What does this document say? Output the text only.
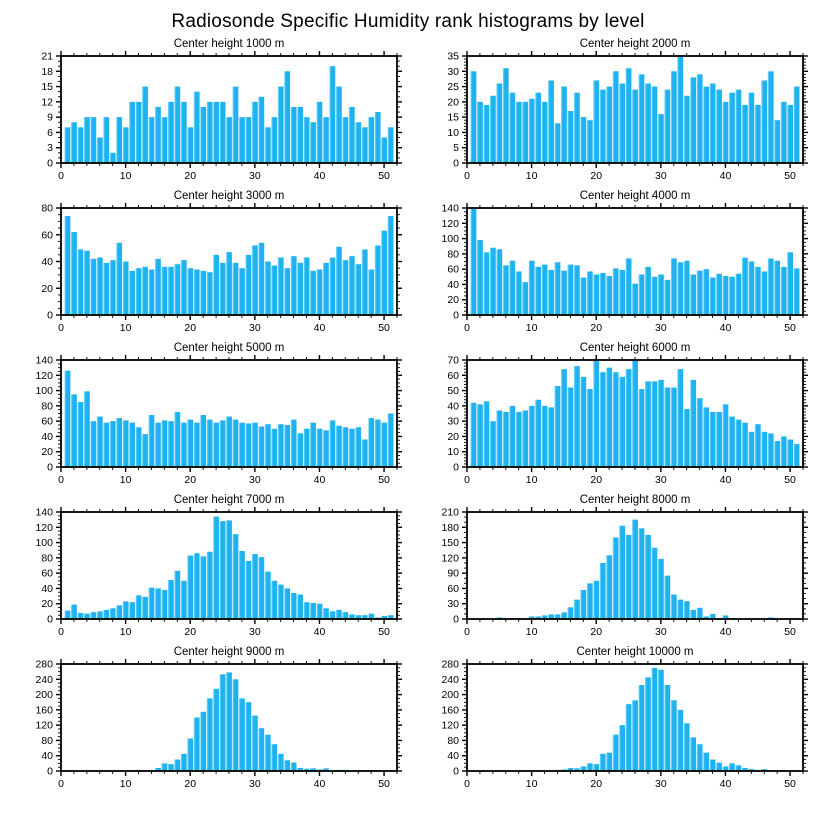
Radiosonde Specific Humidity rank histograms by level
Center height 1000 m
0	10	20	30	40	50
0
3
6
9
12
15
18
21
Center height 2000 m
0	10	20	30	40	50
0
5
10
15
20
25
30
35
Center height 3000 m
0	10	20	30	40	50
0
20
40
60
80
Center height 4000 m
0	10	20	30	40	50
0
20
40
60
80
100
120
140
Center height 5000 m
0	10	20	30	40	50
0
20
40
60
80
100
120
140
Center height 6000 m
0	10	20	30	40	50
0
10
20
30
40
50
60
70
Center height 7000 m
0	10	20	30	40	50
0
20
40
60
80
100
120
140
Center height 8000 m
0	10	20	30	40	50
0
30
60
90
120
150
180
210
Center height 9000 m
0	10	20	30	40	50
0
40
80
120
160
200
240
280
Center height 10000 m
0	10	20	30	40	50
0
40
80
120
160
200
240
280
